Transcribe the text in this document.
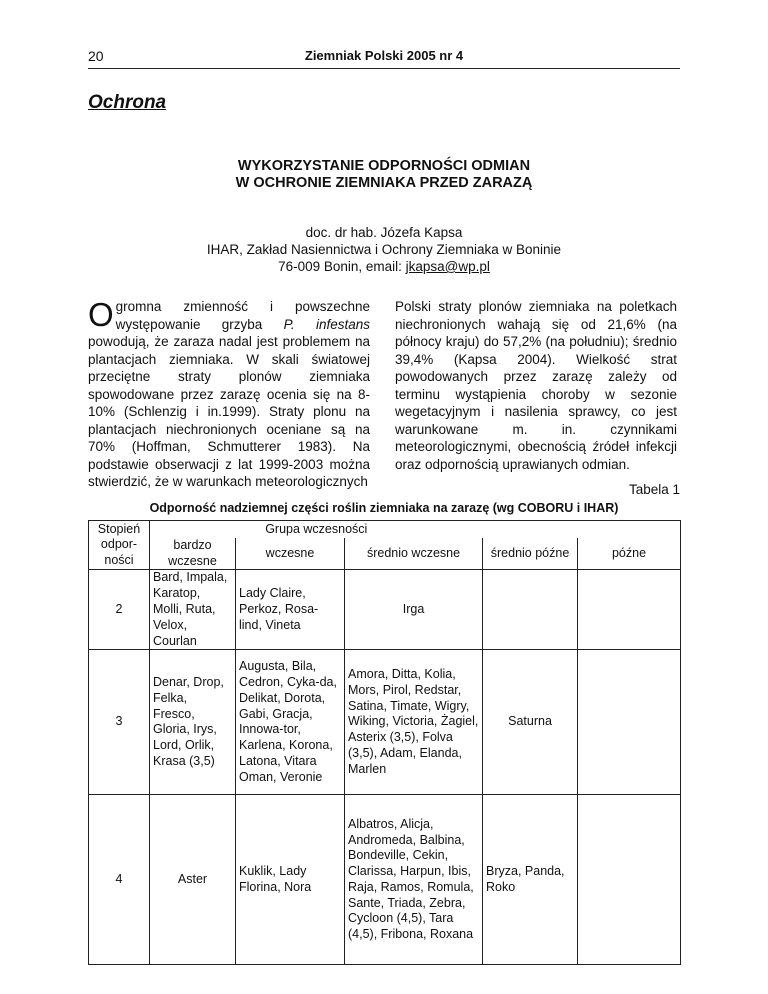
20	Ziemniak Polski 2005 nr 4
Ochrona
WYKORZYSTANIE ODPORNOŚCI ODMIAN
W OCHRONIE ZIEMNIAKA PRZED ZARAZĄ
doc. dr hab. Józefa Kapsa
IHAR, Zakład Nasiennictwa i Ochrony Ziemniaka w Boninie
76-009 Bonin, email: jkapsa@wp.pl
Ogromna zmienność i powszechne występowanie grzyba P. infestans powodują, że zaraza nadal jest problemem na plantacjach ziemniaka. W skali światowej przeciętne straty plonów ziemniaka spowodowane przez zarazę ocenia się na 8-10% (Schlenzig i in.1999). Straty plonu na plantacjach niechronionych oceniane są na 70% (Hoffman, Schmutterer 1983). Na podstawie obserwacji z lat 1999-2003 można stwierdzić, że w warunkach meteorologicznych
Polski straty plonów ziemniaka na poletkach niechronionych wahają się od 21,6% (na północy kraju) do 57,2% (na południu); średnio 39,4% (Kapsa 2004). Wielkość strat powodowanych przez zarazę zależy od terminu wystąpienia choroby w sezonie wegetacyjnym i nasilenia sprawcy, co jest warunkowane m. in. czynnikami meteorologicznymi, obecnością źródeł infekcji oraz odpornością uprawianych odmian.
Tabela 1
Odporność nadziemnej części roślin ziemniaka na zarazę (wg COBORU i IHAR)
Stopień odpor-ności	Grupa wczesności				
	bardzo wczesne	wczesne	średnio wczesne	średnio późne	późne
2	Bard, Impala, Karatop, Molli, Ruta, Velox, Courlan	Lady Claire, Perkoz, Rosa-lind, Vineta	Irga		
3	Denar, Drop, Felka, Fresco, Gloria, Irys, Lord, Orlik, Krasa (3,5)	Augusta, Bila, Cedron, Cyka-da, Delikat, Dorota, Gabi, Gracja, Innowa-tor, Karlena, Korona, Latona, Vitara Oman, Veronie	Amora, Ditta, Kolia, Mors, Pirol, Redstar, Satina, Timate, Wigry, Wiking, Victoria, Żagiel, Asterix (3,5), Folva (3,5), Adam, Elanda, Marlen	Saturna	
4	Aster	Kuklik, Lady Florina, Nora	Albatros, Alicja, Andromeda, Balbina, Bondeville, Cekin, Clarissa, Harpun, Ibis, Raja, Ramos, Romula, Sante, Triada, Zebra, Cycloon (4,5), Tara (4,5), Fribona, Roxana	Bryza, Panda, Roko	
